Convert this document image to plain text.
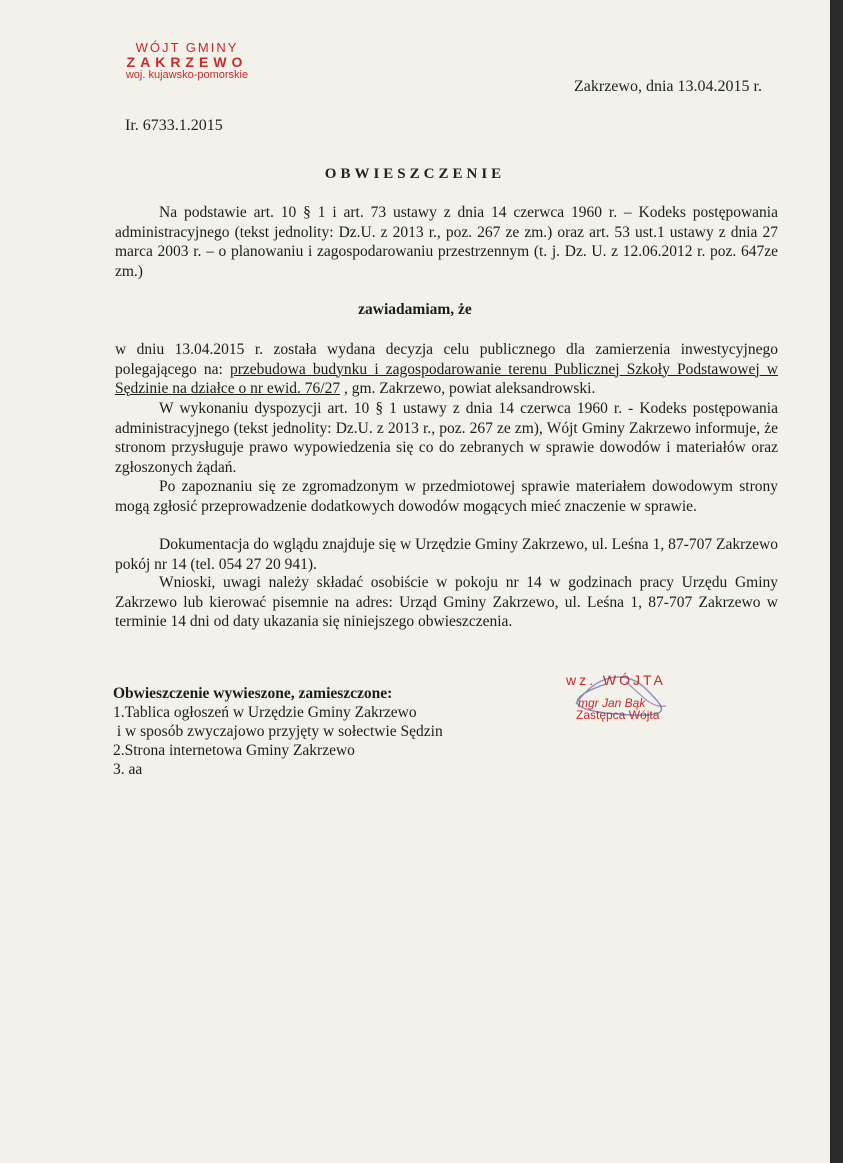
WÓJT GMINY
ZAKRZEWO
woj. kujawsko-pomorskie
Zakrzewo, dnia 13.04.2015 r.
Ir. 6733.1.2015
OBWIESZCZENIE
Na podstawie art. 10 § 1 i art. 73 ustawy z dnia 14 czerwca 1960 r. – Kodeks postępowania administracyjnego (tekst jednolity: Dz.U. z 2013 r., poz. 267 ze zm.) oraz art. 53 ust.1 ustawy z dnia 27 marca 2003 r. – o planowaniu i zagospodarowaniu przestrzennym (t. j. Dz. U. z 12.06.2012 r. poz. 647ze zm.)
zawiadamiam, że
w dniu 13.04.2015 r. została wydana decyzja celu publicznego dla zamierzenia inwestycyjnego polegającego na: przebudowa budynku i zagospodarowanie terenu Publicznej Szkoły Podstawowej w Sędzinie na działce o nr ewid. 76/27 , gm. Zakrzewo, powiat aleksandrowski.
W wykonaniu dyspozycji art. 10 § 1 ustawy z dnia 14 czerwca 1960 r. - Kodeks postępowania administracyjnego (tekst jednolity: Dz.U. z 2013 r., poz. 267 ze zm), Wójt Gminy Zakrzewo informuje, że stronom przysługuje prawo wypowiedzenia się co do zebranych w sprawie dowodów i materiałów oraz zgłoszonych żądań.
Po zapoznaniu się ze zgromadzonym w przedmiotowej sprawie materiałem dowodowym strony mogą zgłosić przeprowadzenie dodatkowych dowodów mogących mieć znaczenie w sprawie.
Dokumentacja do wglądu znajduje się w Urzędzie Gminy Zakrzewo, ul. Leśna 1, 87-707 Zakrzewo pokój nr 14 (tel. 054 27 20 941).
Wnioski, uwagi należy składać osobiście w pokoju nr 14 w godzinach pracy Urzędu Gminy Zakrzewo lub kierować pisemnie na adres: Urząd Gminy Zakrzewo, ul. Leśna 1, 87-707 Zakrzewo w terminie 14 dni od daty ukazania się niniejszego obwieszczenia.
Obwieszczenie wywieszone, zamieszczone:
1.Tablica ogłoszeń w Urzędzie Gminy Zakrzewo
i w sposób zwyczajowo przyjęty w sołectwie Sędzin
2.Strona internetowa Gminy Zakrzewo
3. aa
wz. WÓJTA
mgr Jan Bąk
Zastępca Wójta
